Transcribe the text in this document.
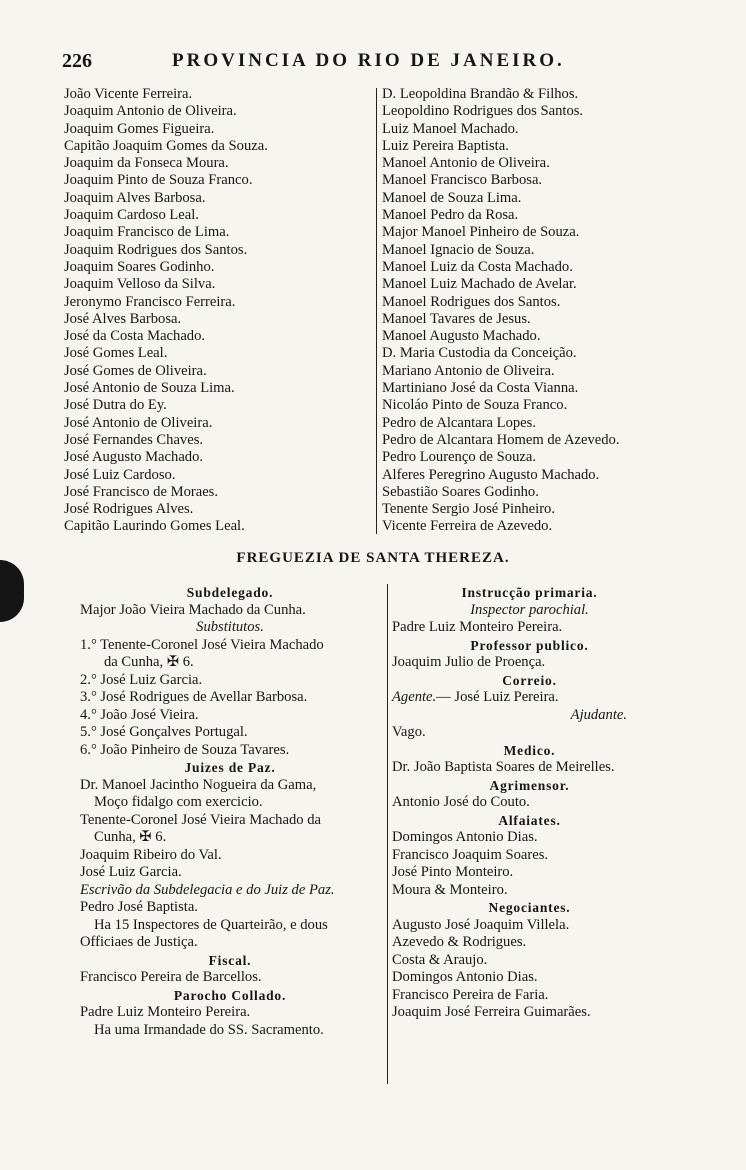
226	PROVINCIA DO RIO DE JANEIRO.
João Vicente Ferreira.
Joaquim Antonio de Oliveira.
Joaquim Gomes Figueira.
Capitão Joaquim Gomes da Souza.
Joaquim da Fonseca Moura.
Joaquim Pinto de Souza Franco.
Joaquim Alves Barbosa.
Joaquim Cardoso Leal.
Joaquim Francisco de Lima.
Joaquim Rodrigues dos Santos.
Joaquim Soares Godinho.
Joaquim Velloso da Silva.
Jeronymo Francisco Ferreira.
José Alves Barbosa.
José da Costa Machado.
José Gomes Leal.
José Gomes de Oliveira.
José Antonio de Souza Lima.
José Dutra do Ey.
José Antonio de Oliveira.
José Fernandes Chaves.
José Augusto Machado.
José Luiz Cardoso.
José Francisco de Moraes.
José Rodrigues Alves.
Capitão Laurindo Gomes Leal.
D. Leopoldina Brandão & Filhos.
Leopoldino Rodrigues dos Santos.
Luiz Manoel Machado.
Luiz Pereira Baptista.
Manoel Antonio de Oliveira.
Manoel Francisco Barbosa.
Manoel de Souza Lima.
Manoel Pedro da Rosa.
Major Manoel Pinheiro de Souza.
Manoel Ignacio de Souza.
Manoel Luiz da Costa Machado.
Manoel Luiz Machado de Avelar.
Manoel Rodrigues dos Santos.
Manoel Tavares de Jesus.
Manoel Augusto Machado.
D. Maria Custodia da Conceição.
Mariano Antonio de Oliveira.
Martiniano José da Costa Vianna.
Nicoláo Pinto de Souza Franco.
Pedro de Alcantara Lopes.
Pedro de Alcantara Homem de Azevedo.
Pedro Lourenço de Souza.
Alferes Peregrino Augusto Machado.
Sebastião Soares Godinho.
Tenente Sergio José Pinheiro.
Vicente Ferreira de Azevedo.
FREGUEZIA DE SANTA THEREZA.
Subdelegado.
Major João Vieira Machado da Cunha.
Substitutos.
1.° Tenente-Coronel José Vieira Machado
da Cunha, ✠ 6.
2.° José Luiz Garcia.
3.° José Rodrigues de Avellar Barbosa.
4.° João José Vieira.
5.° José Gonçalves Portugal.
6.° João Pinheiro de Souza Tavares.
Juizes de Paz.
Dr. Manoel Jacintho Nogueira da Gama,
Moço fidalgo com exercicio.
Tenente-Coronel José Vieira Machado da
Cunha, ✠ 6.
Joaquim Ribeiro do Val.
José Luiz Garcia.
Escrivão da Subdelegacia e do Juiz de Paz.
Pedro José Baptista.
Ha 15 Inspectores de Quarteirão, e dous
Officiaes de Justiça.
Fiscal.
Francisco Pereira de Barcellos.
Parocho Collado.
Padre Luiz Monteiro Pereira.
Ha uma Irmandade do SS. Sacramento.
Instrucção primaria.
Inspector parochial.
Padre Luiz Monteiro Pereira.
Professor publico.
Joaquim Julio de Proença.
Correio.
Agente.— José Luiz Pereira.
Ajudante.
Vago.
Medico.
Dr. João Baptista Soares de Meirelles.
Agrimensor.
Antonio José do Couto.
Alfaiates.
Domingos Antonio Dias.
Francisco Joaquim Soares.
José Pinto Monteiro.
Moura & Monteiro.
Negociantes.
Augusto José Joaquim Villela.
Azevedo & Rodrigues.
Costa & Araujo.
Domingos Antonio Dias.
Francisco Pereira de Faria.
Joaquim José Ferreira Guimarães.
